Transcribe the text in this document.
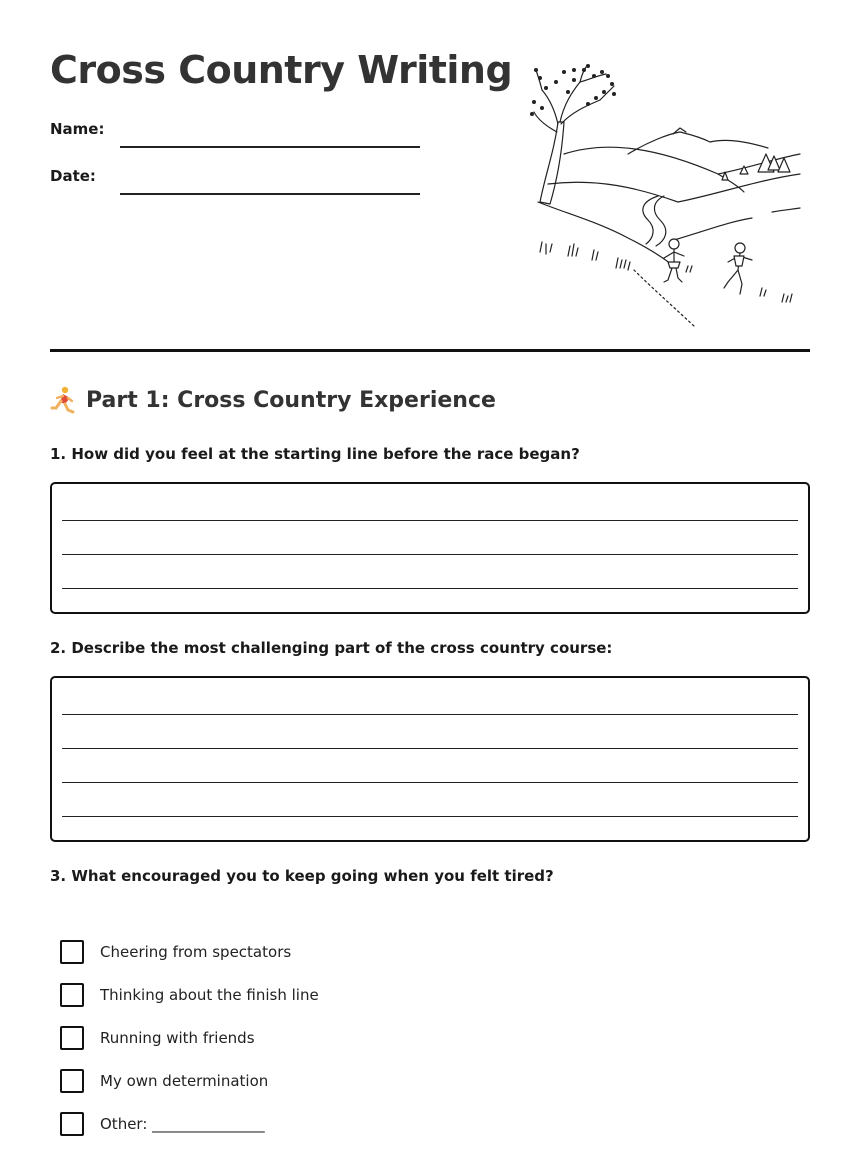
Cross Country Writing
Name:
Date:
Part 1: Cross Country Experience
1. How did you feel at the starting line before the race began?
2. Describe the most challenging part of the cross country course:
3. What encouraged you to keep going when you felt tired?
Cheering from spectators
Thinking about the finish line
Running with friends
My own determination
Other: _______________
